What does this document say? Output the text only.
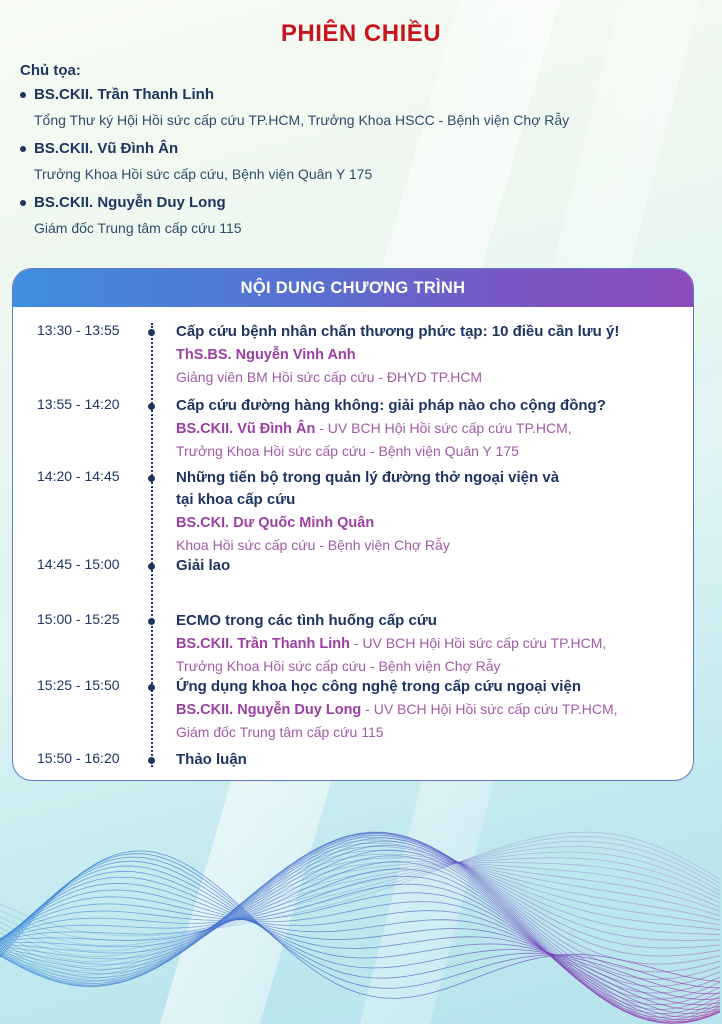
PHIÊN CHIỀU
Chủ tọa:
BS.CKII. Trần Thanh Linh
Tổng Thư ký Hội Hồi sức cấp cứu TP.HCM, Trưởng Khoa HSCC - Bệnh viện Chợ Rẫy
BS.CKII. Vũ Đình Ân
Trưởng Khoa Hồi sức cấp cứu, Bệnh viện Quân Y 175
BS.CKII. Nguyễn Duy Long
Giám đốc Trung tâm cấp cứu 115
NỘI DUNG CHƯƠNG TRÌNH
13:30 - 13:55	Cấp cứu bệnh nhân chấn thương phức tạp: 10 điều cần lưu ý!
ThS.BS. Nguyễn Vinh Anh
Giảng viên BM Hồi sức cấp cứu - ĐHYD TP.HCM
13:55 - 14:20	Cấp cứu đường hàng không: giải pháp nào cho cộng đồng?
BS.CKII. Vũ Đình Ân - UV BCH Hội Hồi sức cấp cứu TP.HCM,
Trưởng Khoa Hồi sức cấp cứu - Bệnh viện Quân Y 175
14:20 - 14:45	Những tiến bộ trong quản lý đường thở ngoại viện và
tại khoa cấp cứu
BS.CKI. Dư Quốc Minh Quân
Khoa Hồi sức cấp cứu - Bệnh viện Chợ Rẫy
14:45 - 15:00	Giải lao
15:00 - 15:25	ECMO trong các tình huống cấp cứu
BS.CKII. Trần Thanh Linh - UV BCH Hội Hồi sức cấp cứu TP.HCM,
Trưởng Khoa Hồi sức cấp cứu - Bệnh viện Chợ Rẫy
15:25 - 15:50	Ứng dụng khoa học công nghệ trong cấp cứu ngoại viện
BS.CKII. Nguyễn Duy Long - UV BCH Hội Hồi sức cấp cứu TP.HCM,
Giám đốc Trung tâm cấp cứu 115
15:50 - 16:20	Thảo luận
